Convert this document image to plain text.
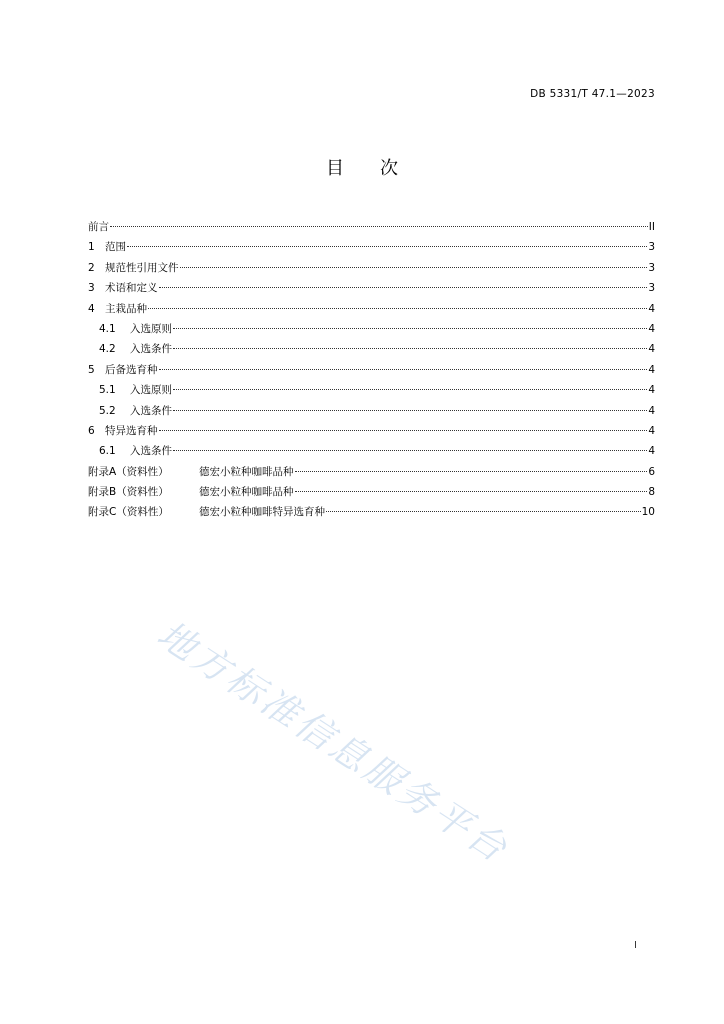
DB 5331/T 47.1—2023
目 次
前言	II
1 范围	3
2 规范性引用文件	3
3 术语和定义	3
4 主栽品种	4
4.1	入选原则	4
4.2	入选条件	4
5 后备选育种	4
5.1	入选原则	4
5.2	入选条件	4
6 特异选育种	4
6.1	入选条件	4
附录A（资料性）	德宏小粒种咖啡品种	6
附录B（资料性）	德宏小粒种咖啡品种	8
附录C（资料性）	德宏小粒种咖啡特异选育种	10
地方标准信息服务平台
I
